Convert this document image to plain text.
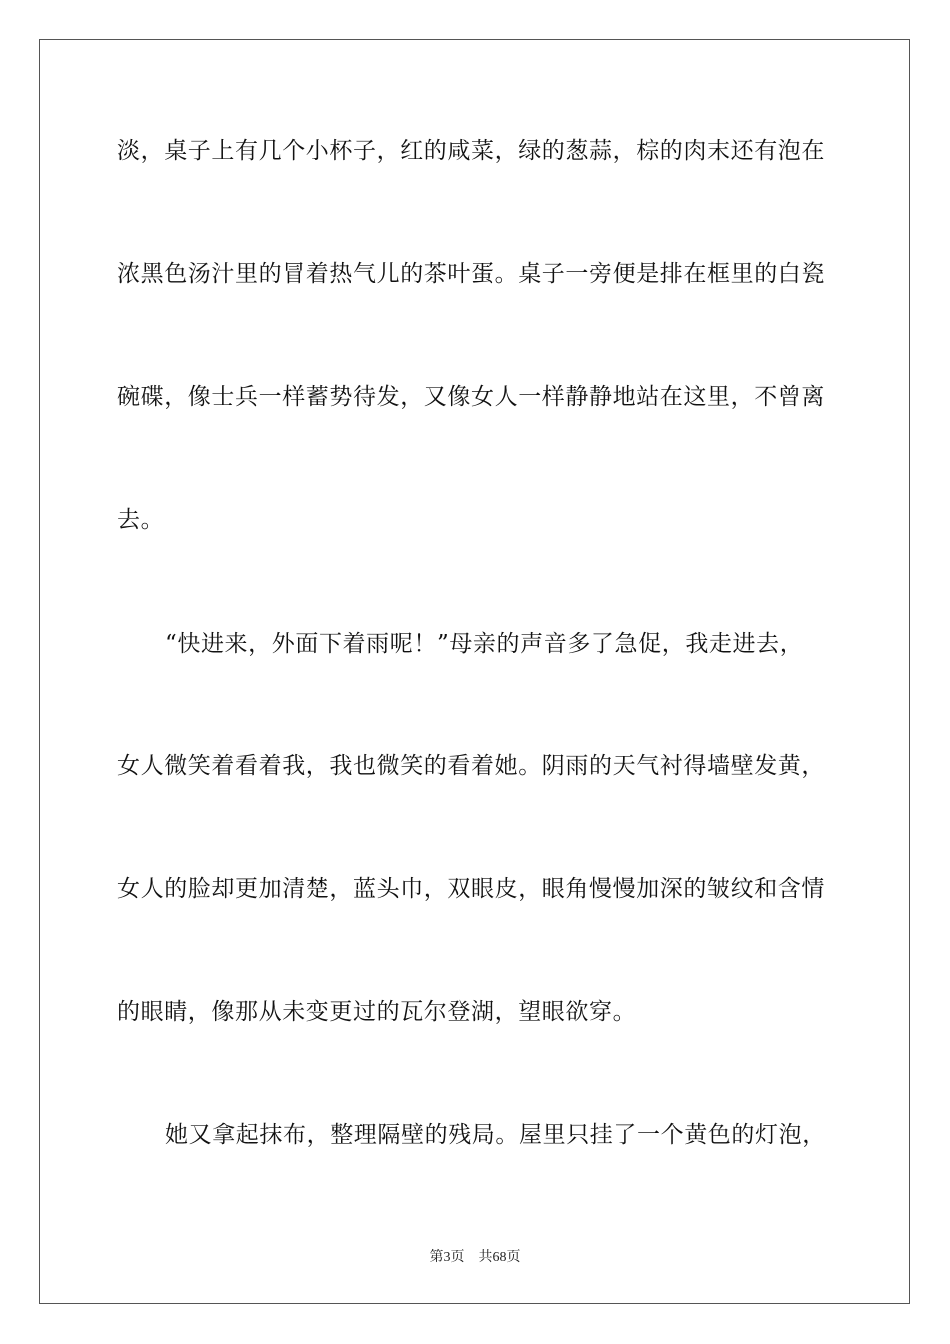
淡，桌子上有几个小杯子，红的咸菜，绿的葱蒜，棕的肉末还有泡在
浓黑色汤汁里的冒着热气儿的茶叶蛋。桌子一旁便是排在框里的白瓷
碗碟，像士兵一样蓄势待发，又像女人一样静静地站在这里，不曾离
去。
“快进来，外面下着雨呢！”母亲的声音多了急促，我走进去，
女人微笑着看着我，我也微笑的看着她。阴雨的天气衬得墙壁发黄，
女人的脸却更加清楚，蓝头巾，双眼皮，眼角慢慢加深的皱纹和含情
的眼睛，像那从未变更过的瓦尔登湖，望眼欲穿。
她又拿起抹布，整理隔壁的残局。屋里只挂了一个黄色的灯泡，
第3页 共68页
